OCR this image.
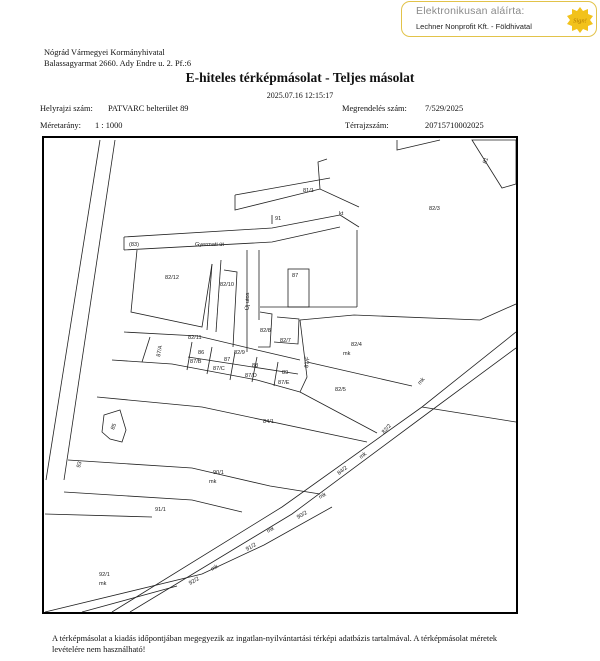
Elektronikusan aláírta:
Lechner Nonprofit Kft. - Földhivatal
Sign!
Nógrád Vármegyei Kormányhivatal
Balassagyarmat 2660. Ady Endre u. 2. Pf.:6
E-hiteles térképmásolat - Teljes másolat
2025.07.16 12:15:17
Helyrajzi szám: PATVARC belterület 89	Megrendelés szám: 7/529/2025
Méretarány: 1 : 1000	Térrajzszám:	20715710002025
81/1
91
kt
82/3
(83)	Gyermati út
82/12
82/10
Új utca
87
82/8
82/7
82/11
82/9
82/4
mk
87/A	86
87/B	87
87/C	88
87/D	89
87/E
87/F
82/5
85
84/1
93
90/1
mk
91/1
92/1
mk
90/2
mk
91/2
mk
92/2
mk
84/2
mk
82/2
mk
81
A térképmásolat a kiadás időpontjában megegyezik az ingatlan-nyilvántartási térképi adatbázis tartalmával. A térképmásolat méretek levételére nem használható!
